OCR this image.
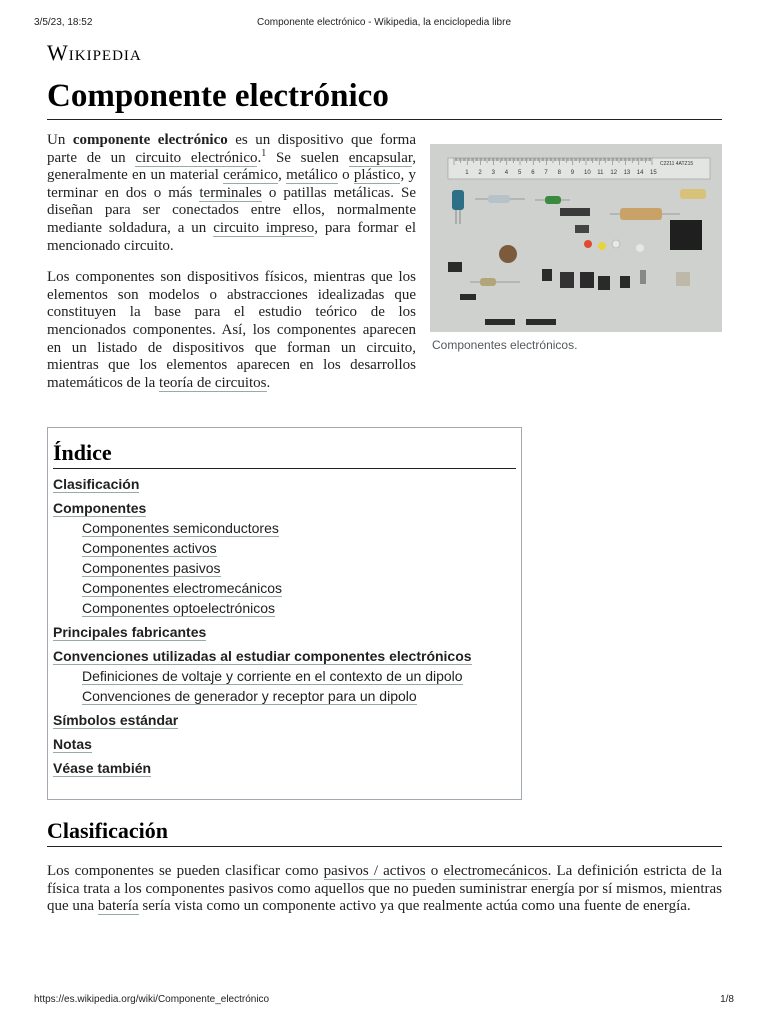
3/5/23, 18:52	Componente electrónico - Wikipedia, la enciclopedia libre
Wikipedia
Componente electrónico
1 2 3 4 5 6 7 8 9 10 11 12 13 14 15
C2211 4ATZ15
Componentes electrónicos.

Un componente electrónico es un dispositivo que forma parte de un circuito electrónico.$^1$ Se suelen encapsular, generalmente en un material cerámico, metálico o plástico, y terminar en dos o más terminales o patillas metálicas. Se diseñan para ser conectados entre ellos, normalmente mediante soldadura, a un circuito impreso, para formar el mencionado circuito.

Los componentes son dispositivos físicos, mientras que los elementos son modelos o abstracciones idealizadas que constituyen la base para el estudio teórico de los mencionados componentes. Así, los componentes aparecen en un listado de dispositivos que forman un circuito, mientras que los elementos aparecen en los desarrollos matemáticos de la teoría de circuitos.

Índice
Clasificación
Componentes
Componentes semiconductores
Componentes activos
Componentes pasivos
Componentes electromecánicos
Componentes optoelectrónicos
Principales fabricantes
Convenciones utilizadas al estudiar componentes electrónicos
Definiciones de voltaje y corriente en el contexto de un dipolo
Convenciones de generador y receptor para un dipolo
Símbolos estándar
Notas
Véase también
Clasificación

Los componentes se pueden clasificar como pasivos / activos o electromecánicos. La definición estricta de la física trata a los componentes pasivos como aquellos que no pueden suministrar energía por sí mismos, mientras que una batería sería vista como un componente activo ya que realmente actúa como una fuente de energía.

https://es.wikipedia.org/wiki/Componente_electrónico	1/8
